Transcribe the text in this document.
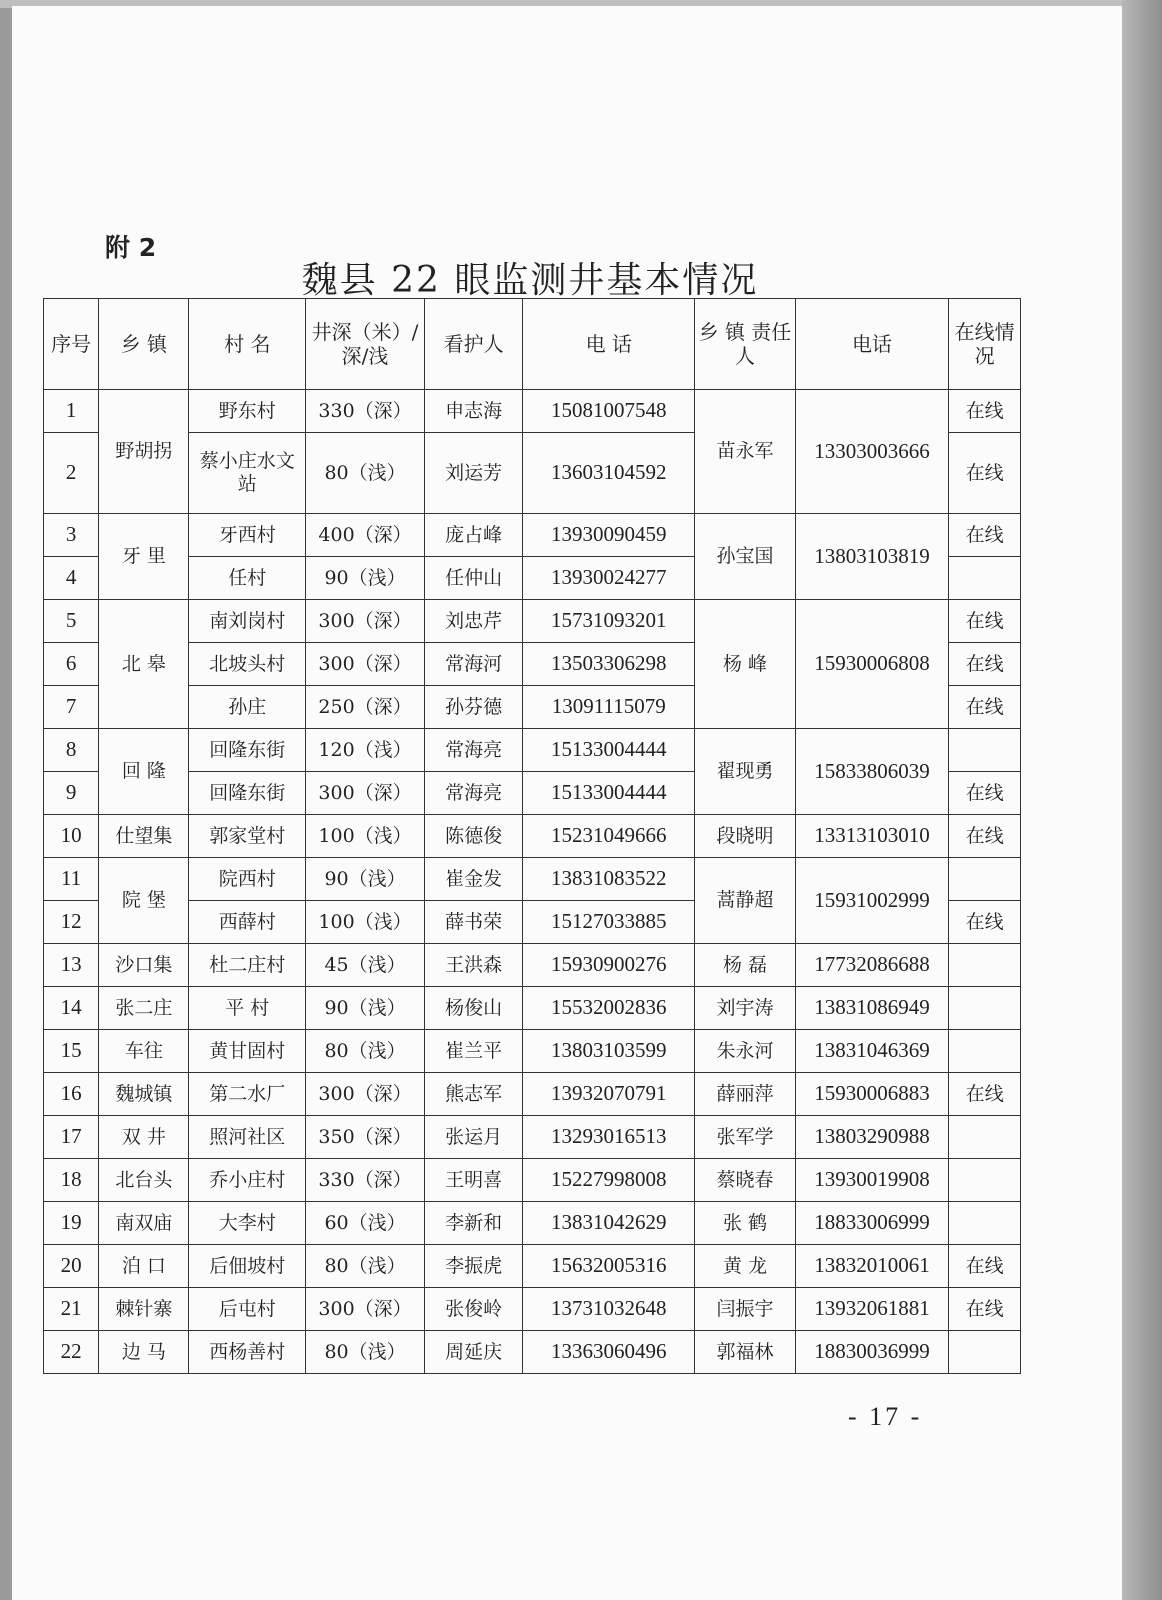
附 2
魏县 22 眼监测井基本情况
序号	乡 镇	村 名	井深（米）/深/浅	看护人	电 话	乡 镇 责任人	电话	在线情况
1	野胡拐	野东村	330（深）	申志海	15081007548	苗永军	13303003666	在线
2		蔡小庄水文站	80（浅）	刘运芳	13603104592			在线
3	牙 里	牙西村	400（深）	庞占峰	13930090459	孙宝国	13803103819	在线
4		任村	90（浅）	任仲山	13930024277			
5	北 皋	南刘岗村	300（深）	刘忠芹	15731093201	杨 峰	15930006808	在线
6		北坡头村	300（深）	常海河	13503306298			在线
7		孙庄	250（深）	孙芬德	13091115079			在线
8	回 隆	回隆东街	120（浅）	常海亮	15133004444	翟现勇	15833806039	
9		回隆东街	300（深）	常海亮	15133004444			在线
10	仕望集	郭家堂村	100（浅）	陈德俊	15231049666	段晓明	13313103010	在线
11	院 堡	院西村	90（浅）	崔金发	13831083522	蒿静超	15931002999	
12		西薛村	100（浅）	薛书荣	15127033885			在线
13	沙口集	杜二庄村	45（浅）	王洪森	15930900276	杨 磊	17732086688	
14	张二庄	平 村	90（浅）	杨俊山	15532002836	刘宇涛	13831086949	
15	车往	黄甘固村	80（浅）	崔兰平	13803103599	朱永河	13831046369	
16	魏城镇	第二水厂	300（深）	熊志军	13932070791	薛丽萍	15930006883	在线
17	双 井	照河社区	350（深）	张运月	13293016513	张军学	13803290988	
18	北台头	乔小庄村	330（深）	王明喜	15227998008	蔡晓春	13930019908	
19	南双庙	大李村	60（浅）	李新和	13831042629	张 鹤	18833006999	
20	泊 口	后佃坡村	80（浅）	李振虎	15632005316	黄 龙	13832010061	在线
21	棘针寨	后屯村	300（深）	张俊岭	13731032648	闫振宇	13932061881	在线
22	边 马	西杨善村	80（浅）	周延庆	13363060496	郭福林	18830036999	
- 17 -
